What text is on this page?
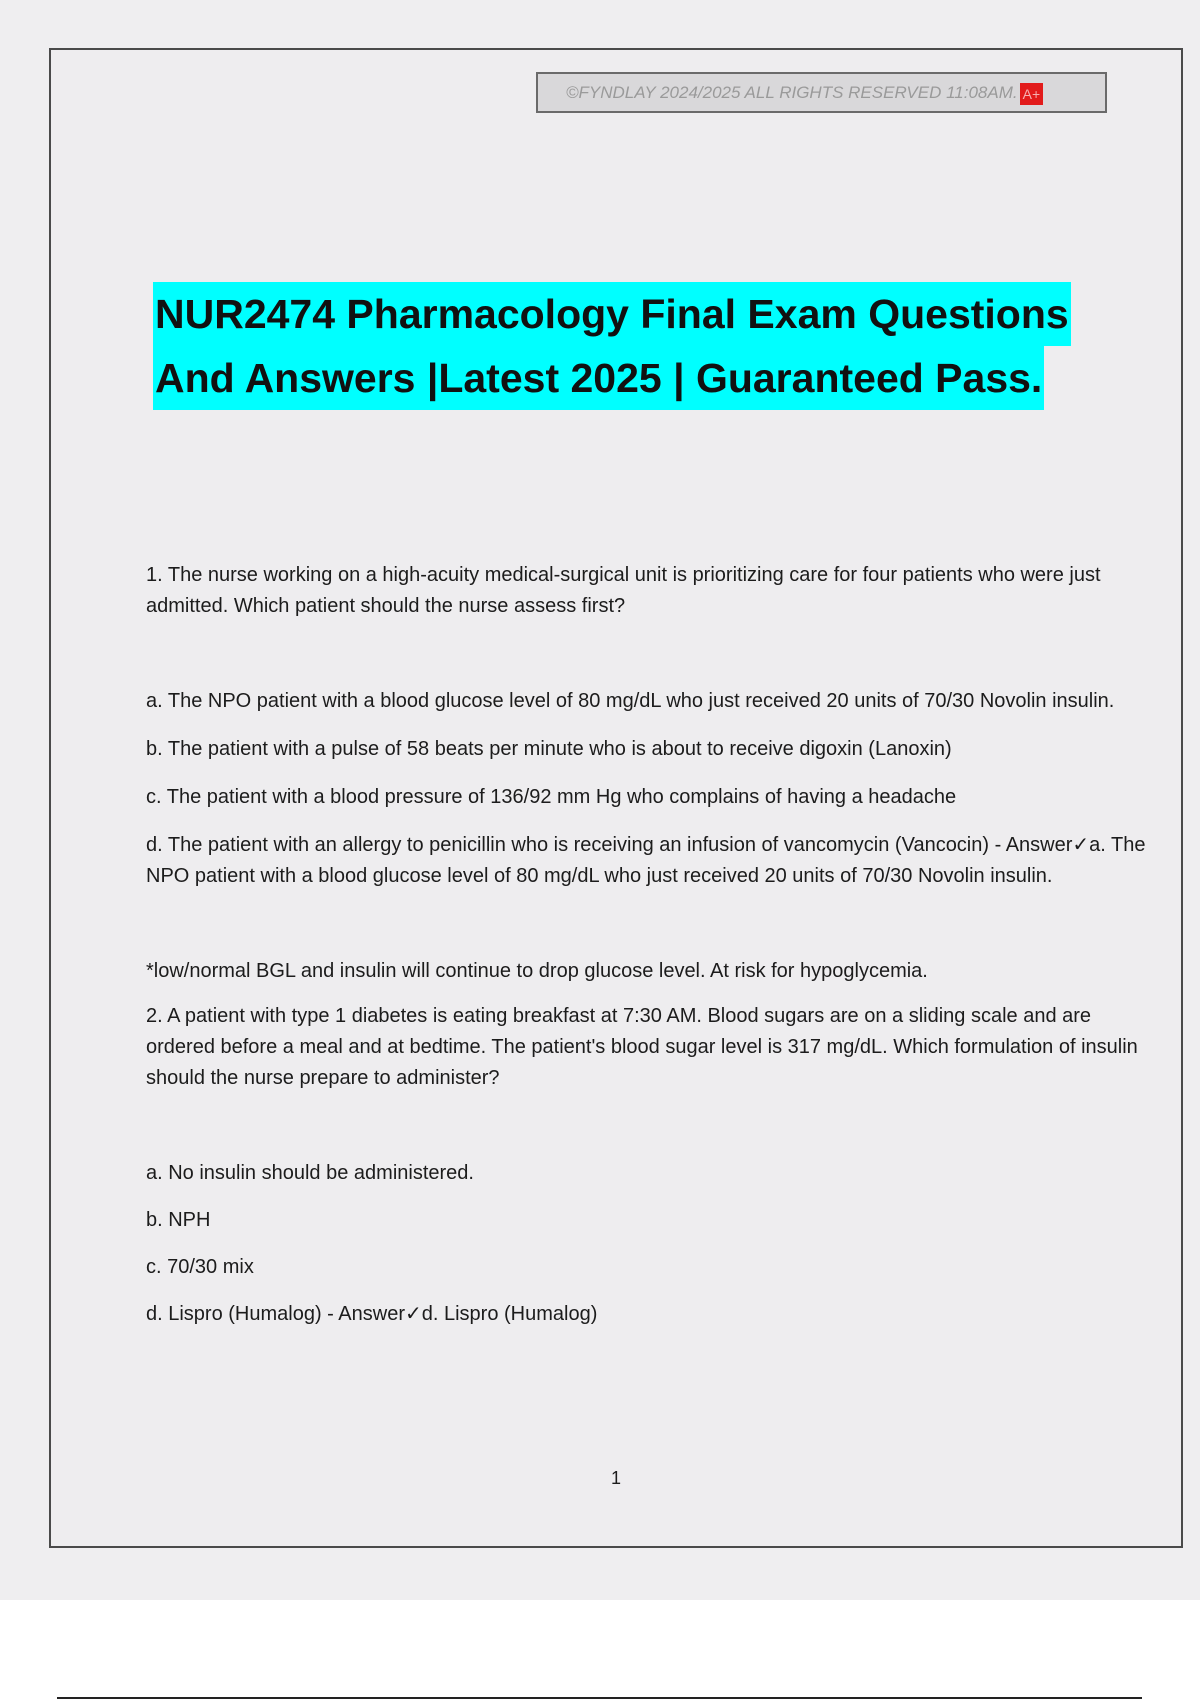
©FYNDLAY 2024/2025 ALL RIGHTS RESERVED 11:08AM. A+
NUR2474 Pharmacology Final Exam Questions
And Answers |Latest 2025 | Guaranteed Pass.

1. The nurse working on a high-acuity medical-surgical unit is prioritizing care for four patients who were just admitted. Which patient should the nurse assess first?

a. The NPO patient with a blood glucose level of 80 mg/dL who just received 20 units of 70/30 Novolin insulin.

b. The patient with a pulse of 58 beats per minute who is about to receive digoxin (Lanoxin)

c. The patient with a blood pressure of 136/92 mm Hg who complains of having a headache

d. The patient with an allergy to penicillin who is receiving an infusion of vancomycin (Vancocin) - Answer✓a. The NPO patient with a blood glucose level of 80 mg/dL who just received 20 units of 70/30 Novolin insulin.

*low/normal BGL and insulin will continue to drop glucose level. At risk for hypoglycemia.

2. A patient with type 1 diabetes is eating breakfast at 7:30 AM. Blood sugars are on a sliding scale and are ordered before a meal and at bedtime. The patient's blood sugar level is 317 mg/dL. Which formulation of insulin should the nurse prepare to administer?

a. No insulin should be administered.

b. NPH

c. 70/30 mix

d. Lispro (Humalog) - Answer✓d. Lispro (Humalog)

1
